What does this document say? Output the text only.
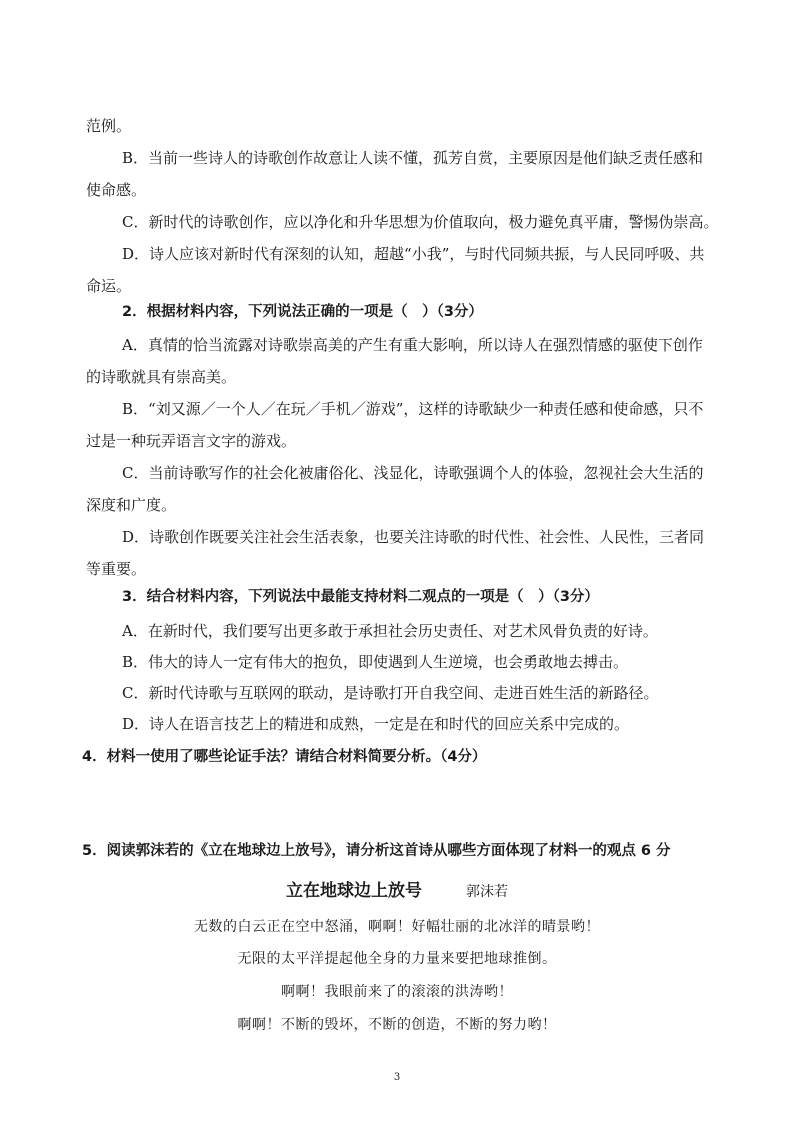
范例。
B．当前一些诗人的诗歌创作故意让人读不懂，孤芳自赏，主要原因是他们缺乏责任感和
使命感。
C．新时代的诗歌创作，应以净化和升华思想为价值取向，极力避免真平庸，警惕伪崇高。
D．诗人应该对新时代有深刻的认知，超越“小我”，与时代同频共振，与人民同呼吸、共
命运。
2．根据材料内容，下列说法正确的一项是（　）（3分）
A．真情的恰当流露对诗歌崇高美的产生有重大影响，所以诗人在强烈情感的驱使下创作
的诗歌就具有崇高美。
B．“刘又源／一个人／在玩／手机／游戏”，这样的诗歌缺少一种责任感和使命感，只不
过是一种玩弄语言文字的游戏。
C．当前诗歌写作的社会化被庸俗化、浅显化，诗歌强调个人的体验，忽视社会大生活的
深度和广度。
D．诗歌创作既要关注社会生活表象，也要关注诗歌的时代性、社会性、人民性，三者同
等重要。
3．结合材料内容，下列说法中最能支持材料二观点的一项是（　）（3分）
A．在新时代，我们要写出更多敢于承担社会历史责任、对艺术风骨负责的好诗。
B．伟大的诗人一定有伟大的抱负，即使遇到人生逆境，也会勇敢地去搏击。
C．新时代诗歌与互联网的联动，是诗歌打开自我空间、走进百姓生活的新路径。
D．诗人在语言技艺上的精进和成熟，一定是在和时代的回应关系中完成的。
4．材料一使用了哪些论证手法？请结合材料简要分析。（4分）
5．阅读郭沫若的《立在地球边上放号》，请分析这首诗从哪些方面体现了材料一的观点 6 分
立在地球边上放号	郭沫若
无数的白云正在空中怒涌，啊啊！好幅壮丽的北冰洋的晴景哟！
无限的太平洋提起他全身的力量来要把地球推倒。
啊啊！我眼前来了的滚滚的洪涛哟！
啊啊！不断的毁坏，不断的创造，不断的努力哟！
3
